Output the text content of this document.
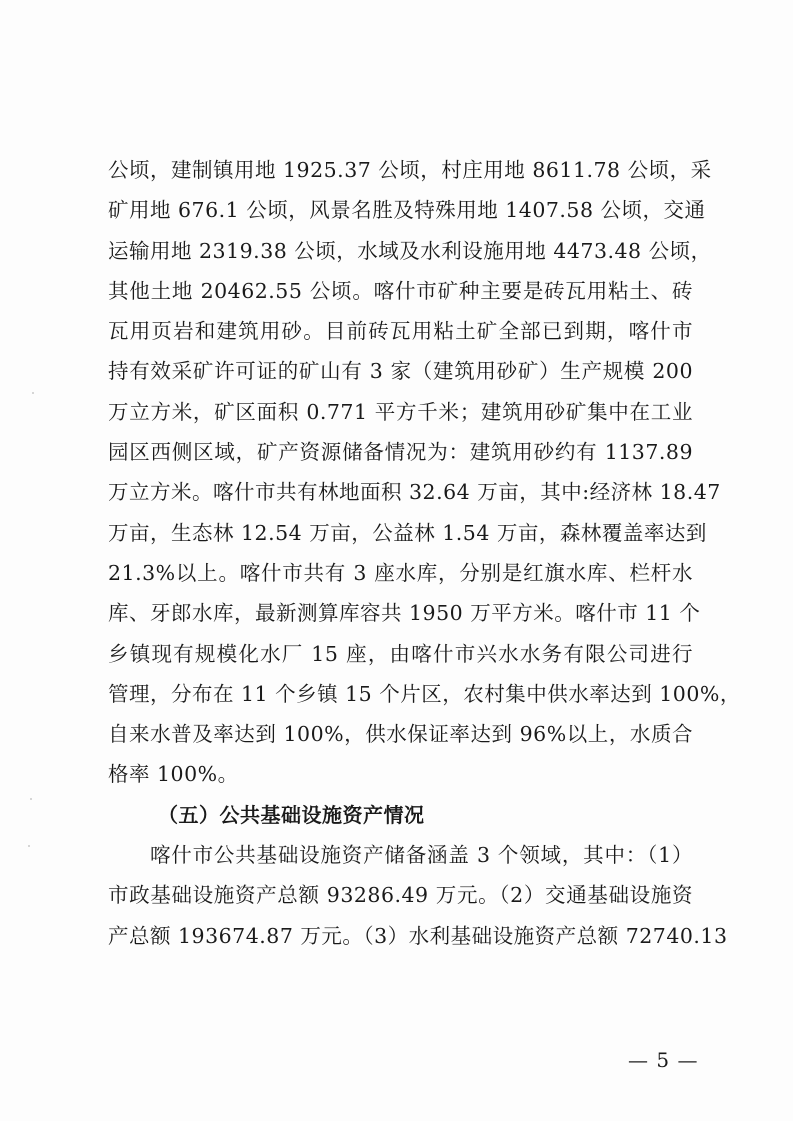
公顷，建制镇用地 1925.37 公顷，村庄用地 8611.78 公顷，采
矿用地 676.1 公顷，风景名胜及特殊用地 1407.58 公顷，交通
运输用地 2319.38 公顷，水域及水利设施用地 4473.48 公顷，
其他土地 20462.55 公顷。喀什市矿种主要是砖瓦用粘土、砖
瓦用页岩和建筑用砂。目前砖瓦用粘土矿全部已到期，喀什市
持有效采矿许可证的矿山有 3 家（建筑用砂矿）生产规模 200
万立方米，矿区面积 0.771 平方千米；建筑用砂矿集中在工业
园区西侧区域，矿产资源储备情况为：建筑用砂约有 1137.89
万立方米。喀什市共有林地面积 32.64 万亩，其中:经济林 18.47
万亩，生态林 12.54 万亩，公益林 1.54 万亩，森林覆盖率达到
21.3%以上。喀什市共有 3 座水库，分别是红旗水库、栏杆水
库、牙郎水库，最新测算库容共 1950 万平方米。喀什市 11 个
乡镇现有规模化水厂 15 座，由喀什市兴水水务有限公司进行
管理，分布在 11 个乡镇 15 个片区，农村集中供水率达到 100%，
自来水普及率达到 100%，供水保证率达到 96%以上，水质合
格率 100%。
（五）公共基础设施资产情况
喀什市公共基础设施资产储备涵盖 3 个领域，其中：（1）
市政基础设施资产总额 93286.49 万元。（2）交通基础设施资
产总额 193674.87 万元。（3）水利基础设施资产总额 72740.13
— 5 —
